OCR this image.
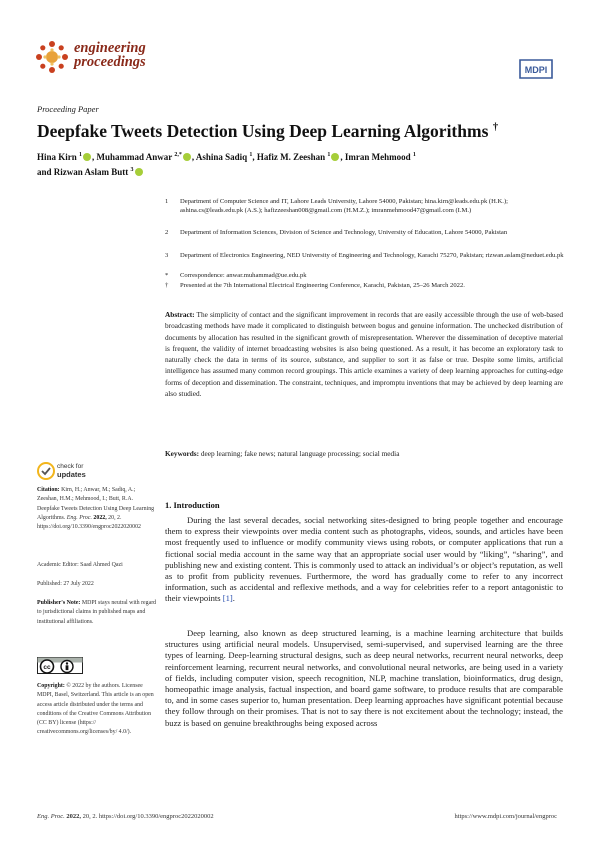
engineering
proceedings	MDPI
Proceeding Paper
Deepfake Tweets Detection Using Deep Learning Algorithms †
Hina Kirn $^1$ , Muhammad Anwar $^{2,*}$ , Ashina Sadiq $^1$, Hafiz M. Zeeshan $^1$ , Imran Mehmood $^1$
and Rizwan Aslam Butt $^3$
1 Department of Computer Science and IT, Lahore Leads University, Lahore 54000, Pakistan; hina.kirn@leads.edu.pk (H.K.); ashina.cs@leads.edu.pk (A.S.); hafizzeeshan008@gmail.com (H.M.Z.); imranmehmood47@gmail.com (I.M.)
2 Department of Information Sciences, Division of Science and Technology, University of Education, Lahore 54000, Pakistan
3 Department of Electronics Engineering, NED University of Engineering and Technology, Karachi 75270, Pakistan; rizwan.aslam@neduet.edu.pk
* Correspondence: anwar.muhammad@ue.edu.pk
† Presented at the 7th International Electrical Engineering Conference, Karachi, Pakistan, 25–26 March 2022.
Abstract: The simplicity of contact and the significant improvement in records that are easily accessible through the use of web-based broadcasting methods have made it complicated to distinguish between bogus and genuine information. The unchecked distribution of documents by allocation has resulted in the significant growth of misrepresentation. Wherever the dissemination of deceptive material is frequent, the validity of internet broadcasting websites is also being questioned. As a result, it has become an exploratory task to naturally check the data in terms of its source, substance, and supplier to sort it as false or true. Despite some limits, artificial intelligence has assumed many common record groupings. This article examines a variety of deep learning approaches for cutting-edge forms of deception and dissemination. The constraint, techniques, and impromptu inventions that may be achieved by deep learning are also studied.
Keywords: deep learning; fake news; natural language processing; social media
check for
updates
Citation: Kirn, H.; Anwar, M.; Sadiq, A.; Zeeshan, H.M.; Mehmood, I.; Butt, R.A. Deepfake Tweets Detection Using Deep Learning Algorithms. Eng. Proc. 2022, 20, 2. https://doi.org/10.3390/engproc2022020002
Academic Editor: Saad Ahmed Qazi
Published: 27 July 2022
Publisher's Note: MDPI stays neutral with regard to jurisdictional claims in published maps and institutional affiliations.
cc
Copyright: © 2022 by the authors. Licensee MDPI, Basel, Switzerland. This article is an open access article distributed under the terms and conditions of the Creative Commons Attribution (CC BY) license (https:// creativecommons.org/licenses/by/ 4.0/).
1. Introduction
During the last several decades, social networking sites-designed to bring people together and encourage them to express their viewpoints over media content such as photographs, videos, sounds, and articles have been most frequently used to influence or modify community views using robots, or computer applications that run a fictional social media account in the same way that an appropriate social user would by “liking”, “sharing”, and publishing new and existing content. This is commonly used to attack an individual’s or object’s reputation, as well as to profit from publicity revenues. Furthermore, the word has gradually come to refer to any incorrect information, such as accidental and reflexive methods, and a way for celebrities refer to a report antagonistic to their viewpoints [1].
Deep learning, also known as deep structured learning, is a machine learning architecture that builds structures using artificial neural models. Unsupervised, semi-supervised, and supervised learning are the three types of learning. Deep-learning structural designs, such as deep neural networks, recurrent neural networks, deep reinforcement learning, recurrent neural networks, and convolutional neural networks, are being used in a variety of fields, including computer vision, speech recognition, NLP, machine translation, bioinformatics, drug design, homeopathic image analysis, factual inspection, and board game software, to produce results that are comparable to, and in some cases superior to, human presentation. Deep learning approaches have significant potential because they follow through on their promises. That is not to say there is not excitement about the technology; instead, the buzz is based on genuine breakthroughs being exposed across
Eng. Proc. 2022, 20, 2. https://doi.org/10.3390/engproc2022020002	https://www.mdpi.com/journal/engproc
